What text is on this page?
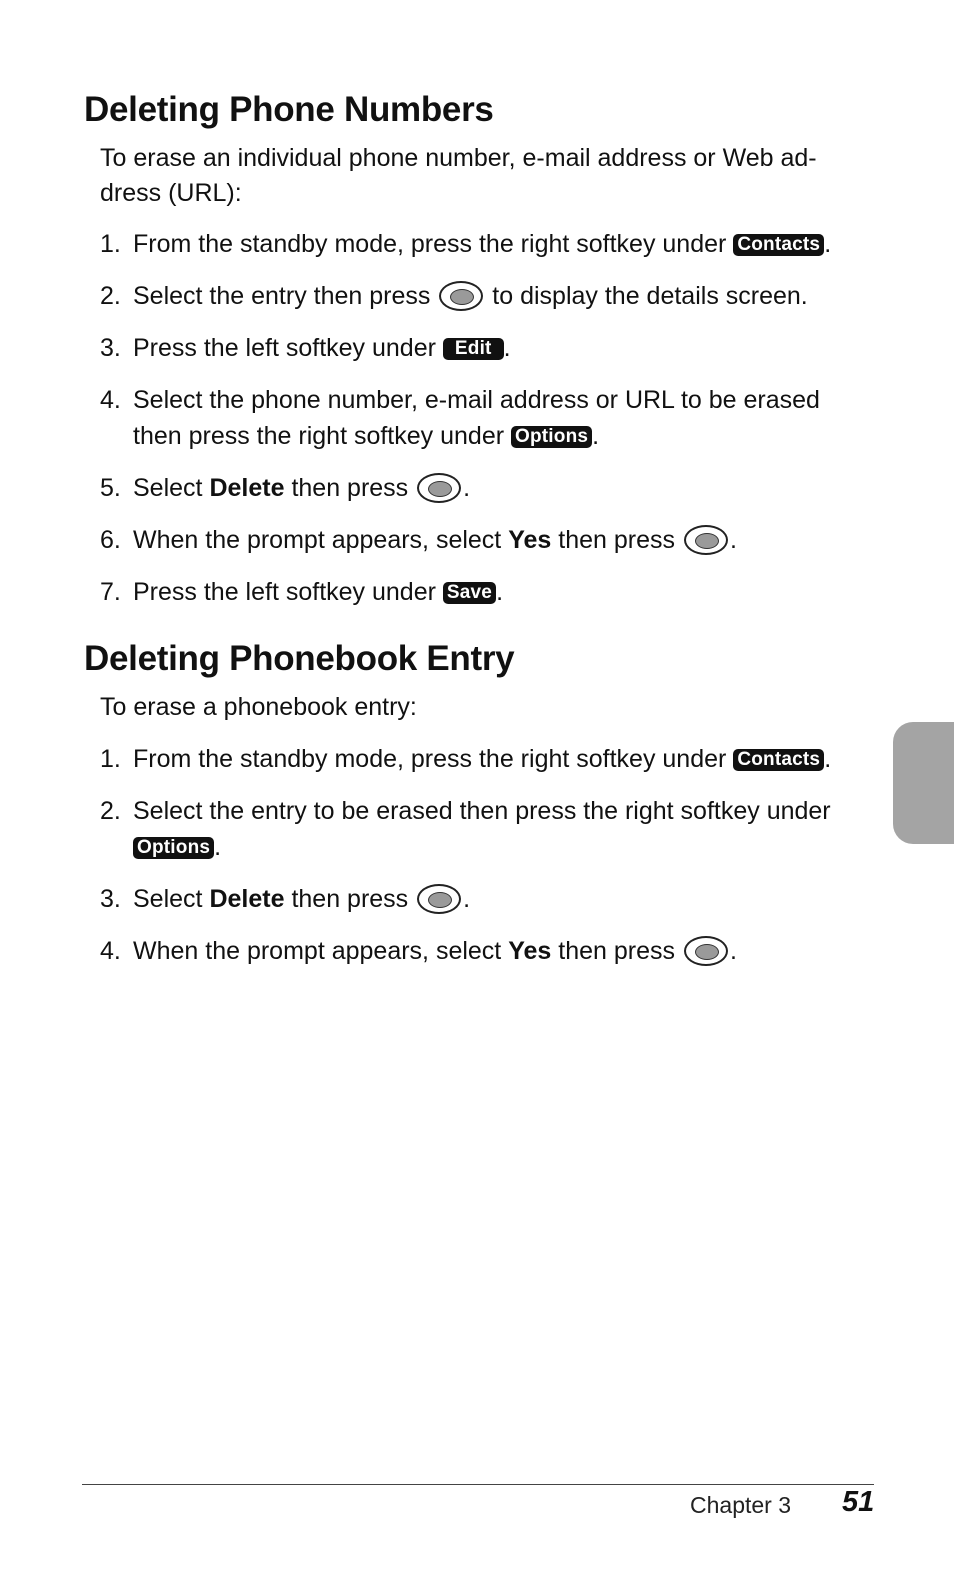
Deleting Phone Numbers

To erase an individual phone number, e-mail address or Web ad-
dress (URL):

1. From the standby mode, press the right softkey under Contacts .
2. Select the entry then press to display the details screen.
3. Press the left softkey under Edit .
4. Select the phone number, e-mail address or URL to be erased then press the right softkey under Options .
5. Select Delete then press .
6. When the prompt appears, select Yes then press .
7. Press the left softkey under Save .
Deleting Phonebook Entry

To erase a phonebook entry:

1. From the standby mode, press the right softkey under Contacts .
2. Select the entry to be erased then press the right softkey under Options .
3. Select Delete then press .
4. When the prompt appears, select Yes then press .
Chapter 3 51
